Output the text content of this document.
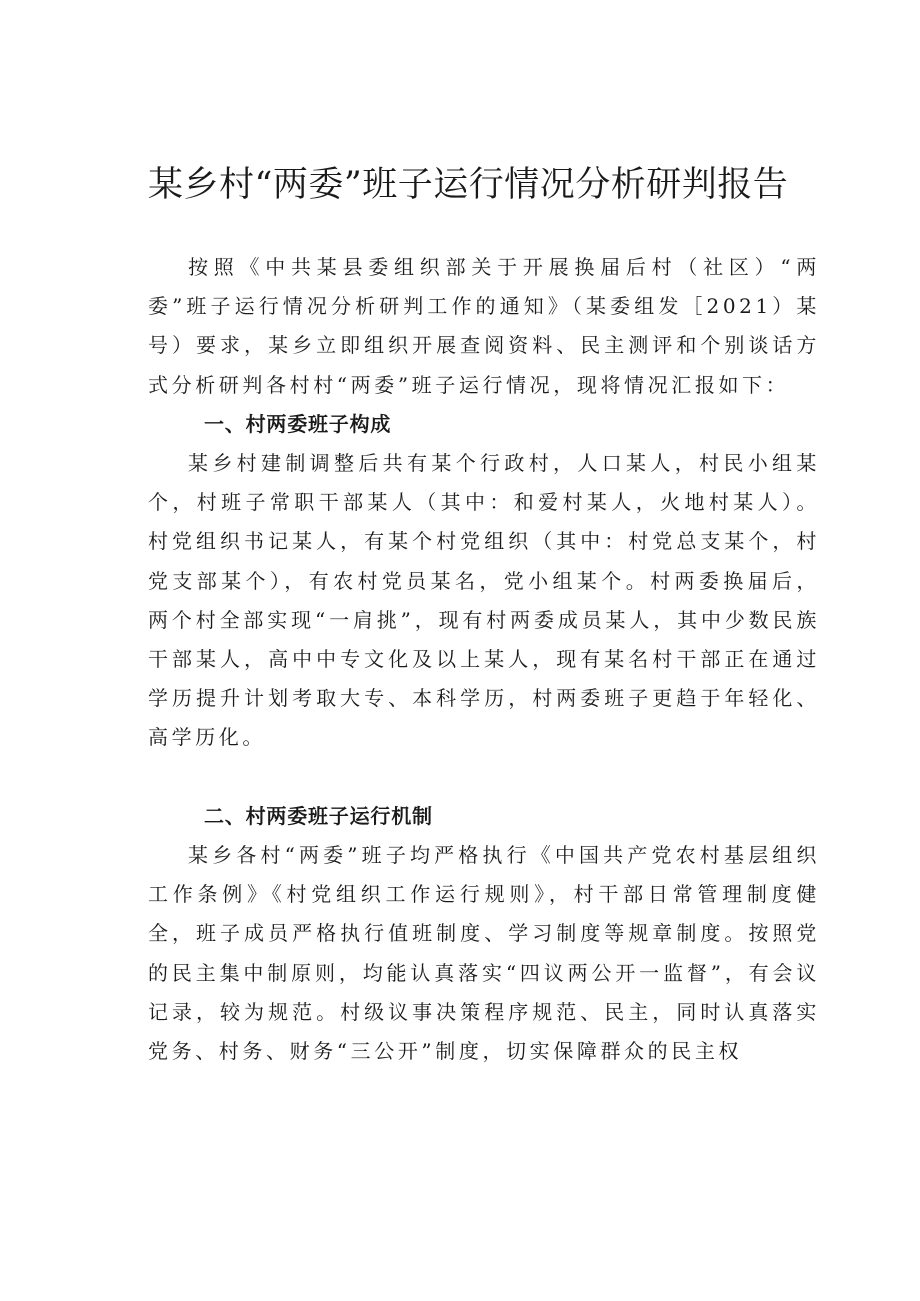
某乡村“两委”班子运行情况分析研判报告

按照《中共某县委组织部关于开展换届后村（社区）“两委”班子运行情况分析研判工作的通知》（某委组发［2021）某号）要求，某乡立即组织开展查阅资料、民主测评和个别谈话方式分析研判各村村“两委”班子运行情况，现将情况汇报如下：

一、村两委班子构成

某乡村建制调整后共有某个行政村，人口某人，村民小组某个，村班子常职干部某人（其中：和爱村某人，火地村某人）。村党组织书记某人，有某个村党组织（其中：村党总支某个，村党支部某个），有农村党员某名，党小组某个。村两委换届后，两个村全部实现“一肩挑”，现有村两委成员某人，其中少数民族干部某人，高中中专文化及以上某人，现有某名村干部正在通过学历提升计划考取大专、本科学历，村两委班子更趋于年轻化、高学历化。

二、村两委班子运行机制

某乡各村“两委”班子均严格执行《中国共产党农村基层组织工作条例》《村党组织工作运行规则》，村干部日常管理制度健全，班子成员严格执行值班制度、学习制度等规章制度。按照党的民主集中制原则，均能认真落实“四议两公开一监督”，有会议记录，较为规范。村级议事决策程序规范、民主，同时认真落实党务、村务、财务“三公开”制度，切实保障群众的民主权
